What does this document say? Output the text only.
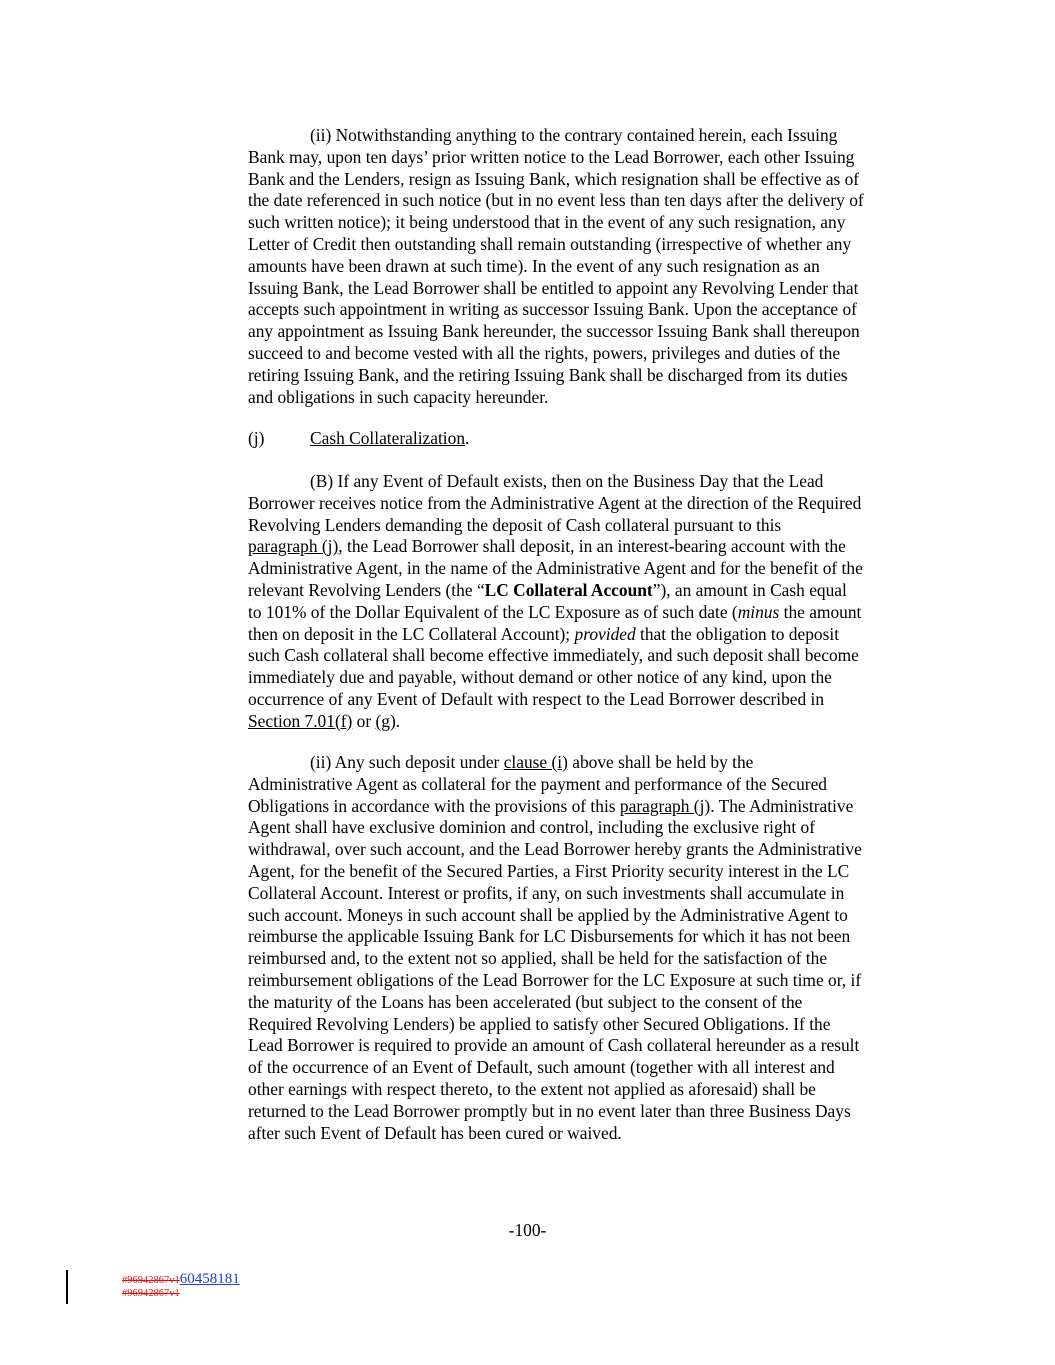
(ii) Notwithstanding anything to the contrary contained herein, each Issuing
Bank may, upon ten days’ prior written notice to the Lead Borrower, each other Issuing
Bank and the Lenders, resign as Issuing Bank, which resignation shall be effective as of
the date referenced in such notice (but in no event less than ten days after the delivery of
such written notice); it being understood that in the event of any such resignation, any
Letter of Credit then outstanding shall remain outstanding (irrespective of whether any
amounts have been drawn at such time). In the event of any such resignation as an
Issuing Bank, the Lead Borrower shall be entitled to appoint any Revolving Lender that
accepts such appointment in writing as successor Issuing Bank. Upon the acceptance of
any appointment as Issuing Bank hereunder, the successor Issuing Bank shall thereupon
succeed to and become vested with all the rights, powers, privileges and duties of the
retiring Issuing Bank, and the retiring Issuing Bank shall be discharged from its duties
and obligations in such capacity hereunder.
(j)	Cash Collateralization.
(B) If any Event of Default exists, then on the Business Day that the Lead
Borrower receives notice from the Administrative Agent at the direction of the Required
Revolving Lenders demanding the deposit of Cash collateral pursuant to this
paragraph (j), the Lead Borrower shall deposit, in an interest-bearing account with the
Administrative Agent, in the name of the Administrative Agent and for the benefit of the
relevant Revolving Lenders (the “LC Collateral Account”), an amount in Cash equal
to 101% of the Dollar Equivalent of the LC Exposure as of such date (minus the amount
then on deposit in the LC Collateral Account); provided that the obligation to deposit
such Cash collateral shall become effective immediately, and such deposit shall become
immediately due and payable, without demand or other notice of any kind, upon the
occurrence of any Event of Default with respect to the Lead Borrower described in
Section 7.01(f) or (g).
(ii) Any such deposit under clause (i) above shall be held by the
Administrative Agent as collateral for the payment and performance of the Secured
Obligations in accordance with the provisions of this paragraph (j). The Administrative
Agent shall have exclusive dominion and control, including the exclusive right of
withdrawal, over such account, and the Lead Borrower hereby grants the Administrative
Agent, for the benefit of the Secured Parties, a First Priority security interest in the LC
Collateral Account. Interest or profits, if any, on such investments shall accumulate in
such account. Moneys in such account shall be applied by the Administrative Agent to
reimburse the applicable Issuing Bank for LC Disbursements for which it has not been
reimbursed and, to the extent not so applied, shall be held for the satisfaction of the
reimbursement obligations of the Lead Borrower for the LC Exposure at such time or, if
the maturity of the Loans has been accelerated (but subject to the consent of the
Required Revolving Lenders) be applied to satisfy other Secured Obligations. If the
Lead Borrower is required to provide an amount of Cash collateral hereunder as a result
of the occurrence of an Event of Default, such amount (together with all interest and
other earnings with respect thereto, to the extent not applied as aforesaid) shall be
returned to the Lead Borrower promptly but in no event later than three Business Days
after such Event of Default has been cured or waived.
-100-
#96942867v160458181
#96942867v1
